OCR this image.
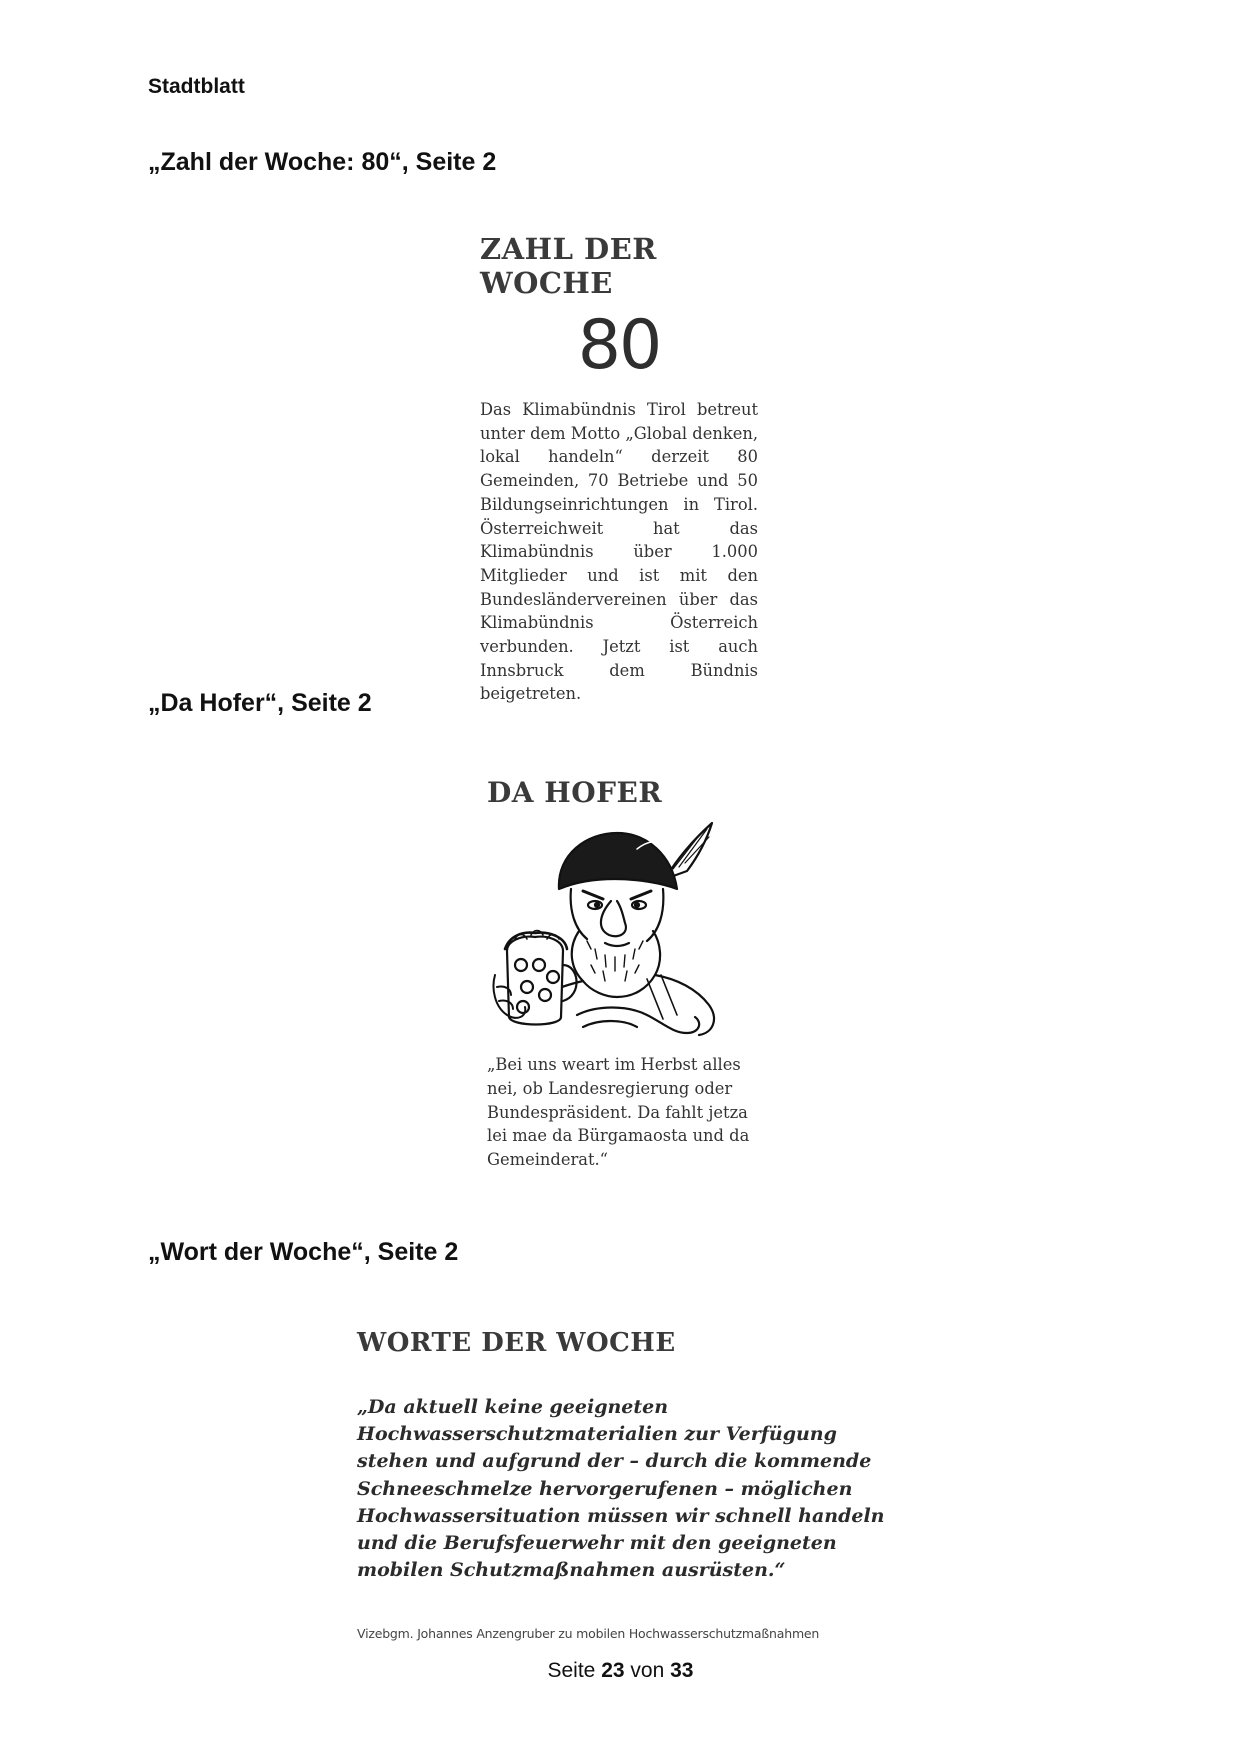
Stadtblatt
„Zahl der Woche: 80“, Seite 2
ZAHL DER WOCHE
80
Das Klimabündnis Tirol betreut unter dem Motto „Global denken, lokal handeln“ derzeit 80 Gemeinden, 70 Betriebe und 50 Bildungseinrichtungen in Tirol. Österreichweit hat das Klimabündnis über 1.000 Mitglieder und ist mit den Bundesländervereinen über das Klimabündnis Österreich verbunden. Jetzt ist auch Innsbruck dem Bündnis beigetreten.
„Da Hofer“, Seite 2
DA HOFER
„Bei uns weart im Herbst alles nei, ob Landesregierung oder Bundespräsident. Da fahlt jetza lei mae da Bürgamaosta und da Gemeinderat.“
„Wort der Woche“, Seite 2
WORTE DER WOCHE
„Da aktuell keine geeigneten Hochwasserschutzmaterialien zur Verfügung stehen und aufgrund der – durch die kommende Schneeschmelze hervorgerufenen – möglichen Hochwassersituation müssen wir schnell handeln und die Berufsfeuerwehr mit den geeigneten mobilen Schutzmaßnahmen ausrüsten.“
Vizebgm. Johannes Anzengruber zu mobilen Hochwasserschutzmaßnahmen
Seite 23 von 33
